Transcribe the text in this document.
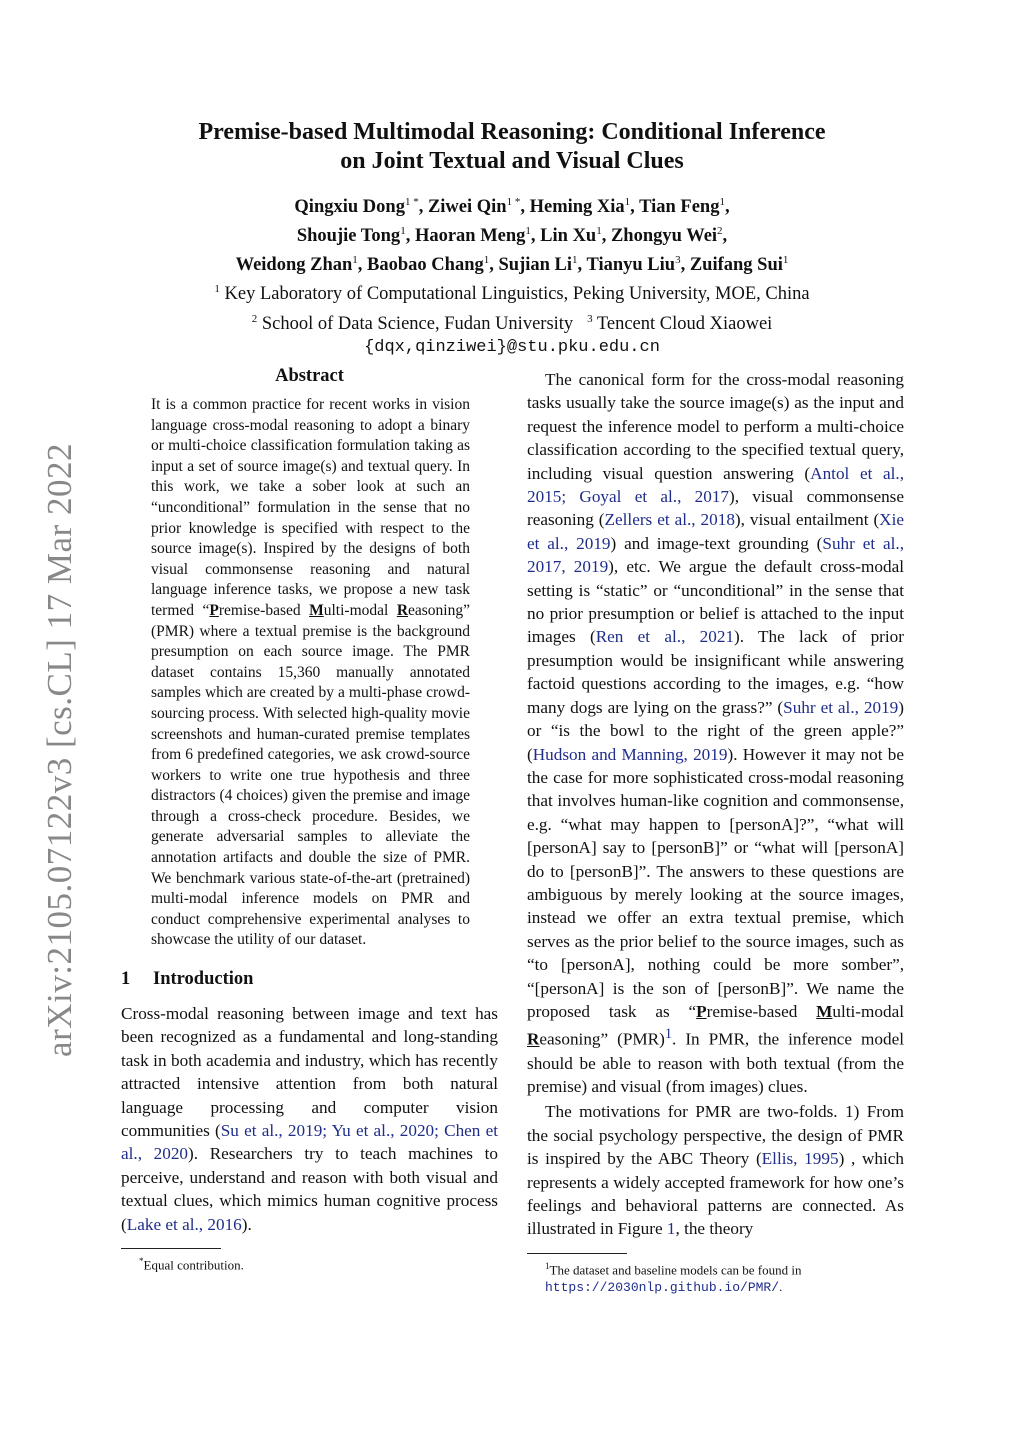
arXiv:2105.07122v3 [cs.CL] 17 Mar 2022
Premise-based Multimodal Reasoning: Conditional Inference
on Joint Textual and Visual Clues
Qingxiu Dong$^{1 *}$, Ziwei Qin$^{1 *}$, Heming Xia$^1$, Tian Feng$^1$,
Shoujie Tong$^1$, Haoran Meng$^1$, Lin Xu$^1$, Zhongyu Wei$^2$,
Weidong Zhan$^1$, Baobao Chang$^1$, Sujian Li$^1$, Tianyu Liu$^3$, Zuifang Sui$^1$
$^1$ Key Laboratory of Computational Linguistics, Peking University, MOE, China
$^2$ School of Data Science, Fudan University $^3$ Tencent Cloud Xiaowei
{dqx,qinziwei}@stu.pku.edu.cn
Abstract
It is a common practice for recent works in vision language cross-modal reasoning to adopt a binary or multi-choice classification formulation taking as input a set of source image(s) and textual query. In this work, we take a sober look at such an “unconditional” formulation in the sense that no prior knowledge is specified with respect to the source image(s). Inspired by the designs of both visual commonsense reasoning and natural language inference tasks, we propose a new task termed “Premise-based Multi-modal Reasoning” (PMR) where a textual premise is the background presumption on each source image. The PMR dataset contains 15,360 manually annotated samples which are created by a multi-phase crowd-sourcing process. With selected high-quality movie screenshots and human-curated premise templates from 6 predefined categories, we ask crowd-source workers to write one true hypothesis and three distractors (4 choices) given the premise and image through a cross-check procedure. Besides, we generate adversarial samples to alleviate the annotation artifacts and double the size of PMR. We benchmark various state-of-the-art (pretrained) multi-modal inference models on PMR and conduct comprehensive experimental analyses to showcase the utility of our dataset.
1 Introduction

Cross-modal reasoning between image and text has been recognized as a fundamental and long-standing task in both academia and industry, which has recently attracted intensive attention from both natural language processing and computer vision communities (Su et al., 2019; Yu et al., 2020; Chen et al., 2020). Researchers try to teach machines to perceive, understand and reason with both visual and textual clues, which mimics human cognitive process (Lake et al., 2016).

*Equal contribution.

The canonical form for the cross-modal reasoning tasks usually take the source image(s) as the input and request the inference model to perform a multi-choice classification according to the specified textual query, including visual question answering (Antol et al., 2015; Goyal et al., 2017), visual commonsense reasoning (Zellers et al., 2018), visual entailment (Xie et al., 2019) and image-text grounding (Suhr et al., 2017, 2019), etc. We argue the default cross-modal setting is “static” or “unconditional” in the sense that no prior presumption or belief is attached to the input images (Ren et al., 2021). The lack of prior presumption would be insignificant while answering factoid questions according to the images, e.g. “how many dogs are lying on the grass?” (Suhr et al., 2019) or “is the bowl to the right of the green apple?” (Hudson and Manning, 2019). However it may not be the case for more sophisticated cross-modal reasoning that involves human-like cognition and commonsense, e.g. “what may happen to [personA]?”, “what will [personA] say to [personB]” or “what will [personA] do to [personB]”. The answers to these questions are ambiguous by merely looking at the source images, instead we offer an extra textual premise, which serves as the prior belief to the source images, such as “to [personA], nothing could be more somber”, “[personA] is the son of [personB]”. We name the proposed task as “Premise-based Multi-modal Reasoning” (PMR)$^1$. In PMR, the inference model should be able to reason with both textual (from the premise) and visual (from images) clues.

The motivations for PMR are two-folds. 1) From the social psychology perspective, the design of PMR is inspired by the ABC Theory (Ellis, 1995) , which represents a widely accepted framework for how one’s feelings and behavioral patterns are connected. As illustrated in Figure 1, the theory

$^1$The dataset and baseline models can be found in https://2030nlp.github.io/PMR/.
